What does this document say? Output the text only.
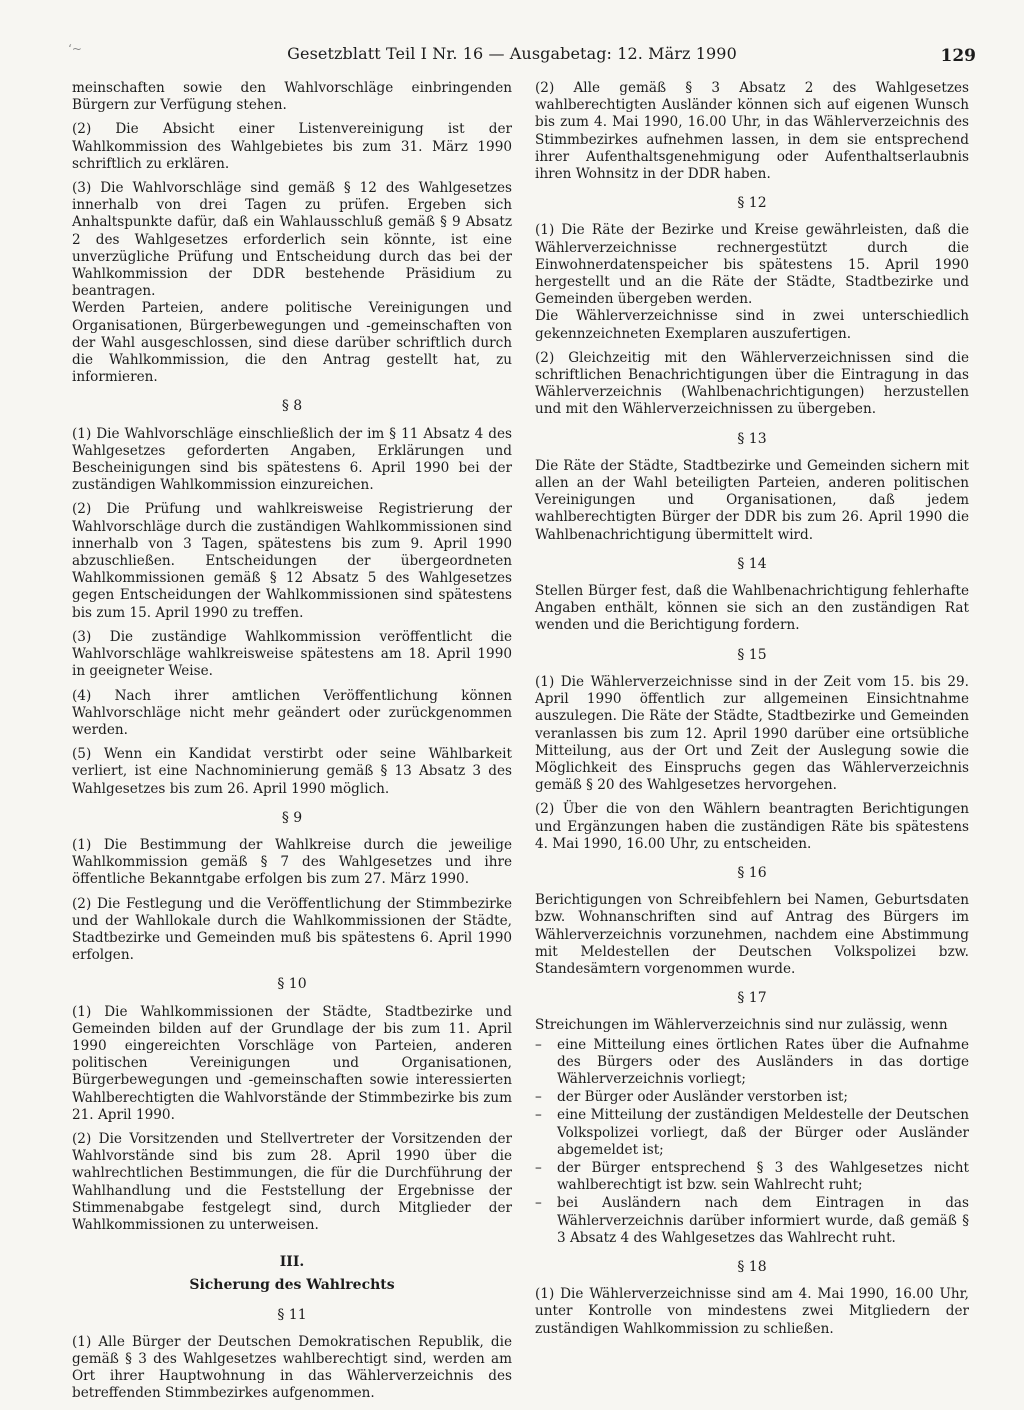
‘~	Gesetzblatt Teil I Nr. 16 — Ausgabetag: 12. März 1990	129

meinschaften sowie den Wahlvorschläge einbringenden Bürgern zur Verfügung stehen.

(2) Die Absicht einer Listenvereinigung ist der Wahlkommission des Wahlgebietes bis zum 31. März 1990 schriftlich zu erklären.

(3) Die Wahlvorschläge sind gemäß § 12 des Wahlgesetzes innerhalb von drei Tagen zu prüfen. Ergeben sich Anhaltspunkte dafür, daß ein Wahlausschluß gemäß § 9 Absatz 2 des Wahlgesetzes erforderlich sein könnte, ist eine unverzügliche Prüfung und Entscheidung durch das bei der Wahlkommission der DDR bestehende Präsidium zu beantragen.

Werden Parteien, andere politische Vereinigungen und Organisationen, Bürgerbewegungen und -gemeinschaften von der Wahl ausgeschlossen, sind diese darüber schriftlich durch die Wahlkommission, die den Antrag gestellt hat, zu informieren.

§ 8

(1) Die Wahlvorschläge einschließlich der im § 11 Absatz 4 des Wahlgesetzes geforderten Angaben, Erklärungen und Bescheinigungen sind bis spätestens 6. April 1990 bei der zuständigen Wahlkommission einzureichen.

(2) Die Prüfung und wahlkreisweise Registrierung der Wahlvorschläge durch die zuständigen Wahlkommissionen sind innerhalb von 3 Tagen, spätestens bis zum 9. April 1990 abzuschließen. Entscheidungen der übergeordneten Wahlkommissionen gemäß § 12 Absatz 5 des Wahlgesetzes gegen Entscheidungen der Wahlkommissionen sind spätestens bis zum 15. April 1990 zu treffen.

(3) Die zuständige Wahlkommission veröffentlicht die Wahlvorschläge wahlkreisweise spätestens am 18. April 1990 in geeigneter Weise.

(4) Nach ihrer amtlichen Veröffentlichung können Wahlvorschläge nicht mehr geändert oder zurückgenommen werden.

(5) Wenn ein Kandidat verstirbt oder seine Wählbarkeit verliert, ist eine Nachnominierung gemäß § 13 Absatz 3 des Wahlgesetzes bis zum 26. April 1990 möglich.

§ 9

(1) Die Bestimmung der Wahlkreise durch die jeweilige Wahlkommission gemäß § 7 des Wahlgesetzes und ihre öffentliche Bekanntgabe erfolgen bis zum 27. März 1990.

(2) Die Festlegung und die Veröffentlichung der Stimmbezirke und der Wahllokale durch die Wahlkommissionen der Städte, Stadtbezirke und Gemeinden muß bis spätestens 6. April 1990 erfolgen.

§ 10

(1) Die Wahlkommissionen der Städte, Stadtbezirke und Gemeinden bilden auf der Grundlage der bis zum 11. April 1990 eingereichten Vorschläge von Parteien, anderen politischen Vereinigungen und Organisationen, Bürgerbewegungen und -gemeinschaften sowie interessierten Wahlberechtigten die Wahlvorstände der Stimmbezirke bis zum 21. April 1990.

(2) Die Vorsitzenden und Stellvertreter der Vorsitzenden der Wahlvorstände sind bis zum 28. April 1990 über die wahlrechtlichen Bestimmungen, die für die Durchführung der Wahlhandlung und die Feststellung der Ergebnisse der Stimmenabgabe festgelegt sind, durch Mitglieder der Wahlkommissionen zu unterweisen.

III.
Sicherung des Wahlrechts
§ 11

(1) Alle Bürger der Deutschen Demokratischen Republik, die gemäß § 3 des Wahlgesetzes wahlberechtigt sind, werden am Ort ihrer Hauptwohnung in das Wählerverzeichnis des betreffenden Stimmbezirkes aufgenommen.

(2) Alle gemäß § 3 Absatz 2 des Wahlgesetzes wahlberechtigten Ausländer können sich auf eigenen Wunsch bis zum 4. Mai 1990, 16.00 Uhr, in das Wählerverzeichnis des Stimmbezirkes aufnehmen lassen, in dem sie entsprechend ihrer Aufenthaltsgenehmigung oder Aufenthaltserlaubnis ihren Wohnsitz in der DDR haben.

§ 12

(1) Die Räte der Bezirke und Kreise gewährleisten, daß die Wählerverzeichnisse rechnergestützt durch die Einwohnerdatenspeicher bis spätestens 15. April 1990 hergestellt und an die Räte der Städte, Stadtbezirke und Gemeinden übergeben werden.

Die Wählerverzeichnisse sind in zwei unterschiedlich gekennzeichneten Exemplaren auszufertigen.

(2) Gleichzeitig mit den Wählerverzeichnissen sind die schriftlichen Benachrichtigungen über die Eintragung in das Wählerverzeichnis (Wahlbenachrichtigungen) herzustellen und mit den Wählerverzeichnissen zu übergeben.

§ 13

Die Räte der Städte, Stadtbezirke und Gemeinden sichern mit allen an der Wahl beteiligten Parteien, anderen politischen Vereinigungen und Organisationen, daß jedem wahlberechtigten Bürger der DDR bis zum 26. April 1990 die Wahlbenachrichtigung übermittelt wird.

§ 14

Stellen Bürger fest, daß die Wahlbenachrichtigung fehlerhafte Angaben enthält, können sie sich an den zuständigen Rat wenden und die Berichtigung fordern.

§ 15

(1) Die Wählerverzeichnisse sind in der Zeit vom 15. bis 29. April 1990 öffentlich zur allgemeinen Einsichtnahme auszulegen. Die Räte der Städte, Stadtbezirke und Gemeinden veranlassen bis zum 12. April 1990 darüber eine ortsübliche Mitteilung, aus der Ort und Zeit der Auslegung sowie die Möglichkeit des Einspruchs gegen das Wählerverzeichnis gemäß § 20 des Wahlgesetzes hervorgehen.

(2) Über die von den Wählern beantragten Berichtigungen und Ergänzungen haben die zuständigen Räte bis spätestens 4. Mai 1990, 16.00 Uhr, zu entscheiden.

§ 16

Berichtigungen von Schreibfehlern bei Namen, Geburtsdaten bzw. Wohnanschriften sind auf Antrag des Bürgers im Wählerverzeichnis vorzunehmen, nachdem eine Abstimmung mit Meldestellen der Deutschen Volkspolizei bzw. Standesämtern vorgenommen wurde.

§ 17

Streichungen im Wählerverzeichnis sind nur zulässig, wenn

– eine Mitteilung eines örtlichen Rates über die Aufnahme des Bürgers oder des Ausländers in das dortige Wählerverzeichnis vorliegt;
– der Bürger oder Ausländer verstorben ist;
– eine Mitteilung der zuständigen Meldestelle der Deutschen Volkspolizei vorliegt, daß der Bürger oder Ausländer abgemeldet ist;
– der Bürger entsprechend § 3 des Wahlgesetzes nicht wahlberechtigt ist bzw. sein Wahlrecht ruht;
– bei Ausländern nach dem Eintragen in das Wählerverzeichnis darüber informiert wurde, daß gemäß § 3 Absatz 4 des Wahlgesetzes das Wahlrecht ruht.
§ 18

(1) Die Wählerverzeichnisse sind am 4. Mai 1990, 16.00 Uhr, unter Kontrolle von mindestens zwei Mitgliedern der zuständigen Wahlkommission zu schließen.
